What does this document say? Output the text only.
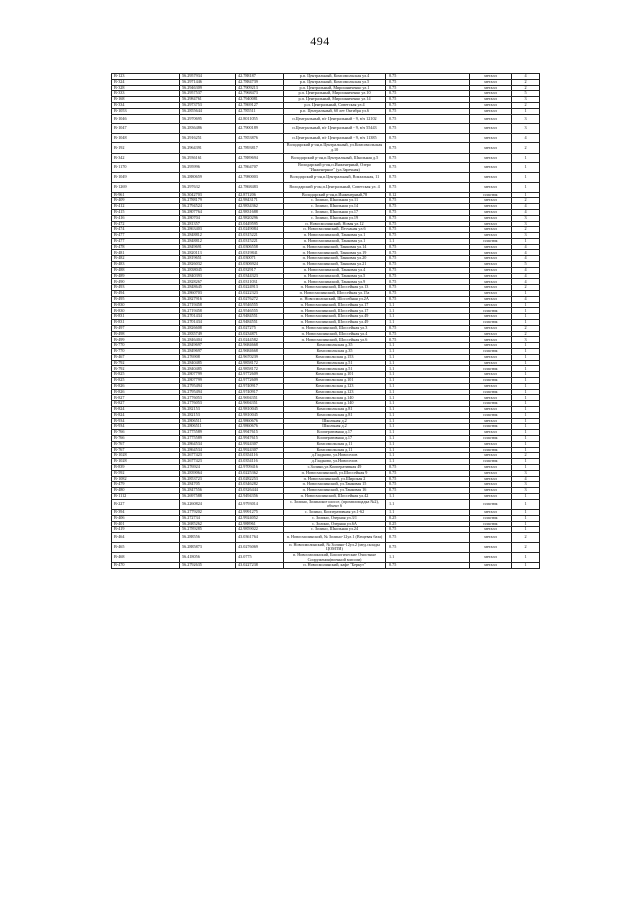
494
В-123	56.2957934	42.788187	р.п. Центральный, Комсомольская ул.4	0.75	металл	4
В-324	56.2971446	42.7884739	р.п. Центральный, Комсомольская ул.5	0.75	металл	2
В-328	56.2946309	42.7909213	р.п. Центральный, Мирошниченко ул.1	0.75	металл	2
В-333	56.2957537	42.7968473	р.п. Центральный, Мирошниченко ул.10	0.75	металл	5
В-168	56.2984761	42.7940081	р.п. Центральный, Мирошниченко ул.14	0.75	металл	3
В-334	56.2973753	42.7869127	р.п. Центральный, Советская ул.4	0.75	металл	2
В-1053	56.2855644	42.785511	р.п. Центральный, 60 лет Октября ул.6	0.75	металл	1
В-1046	56.2970695	42.8011055	п.Центральный, в/г Центральный - 9, в/ч 12102	0.75	металл	3
В-1047	56.2836486	42.7900189	п.Центральный, в/г Центральный - 9, в/ч 55443	0.75	металл	3
В-1048	56.2916251	42.7853876	п.Центральный, в/г Центральный - 9, в/ч 11385	0.75	металл	4
В-192	56.2964391	42.7893817	Володарский р-он,п.Центральный, ул.Комсомольская д.10	0.75	металл	2
В-342	56.2936161	42.7889694	Володарский р-он,п.Центральный, Школьная д.5	0.75	металл	1
В-1170	56.295996	42.7864707	Володарский р-он,п.Инженерный, Озеро "Инженерное" (ул.Заречная)	0.75	металл	1
В-1049	56.2880659	42.7980003	Володарский р-он,п.Центральный, Вокзальная, 11	0.75	металл	1
В-1269	56.297632	42.7868483	Володарский р-он,п.Центральный, Советская ул. 4	0.75	металл	1
В-961	56.3042703	42.871206	Володарский р-он,п.Инженерный,78	0.12	пластик	1
В-409	56.2788179	42.9843171	с. Золино, Школьная ул.11	0.75	металл	2
В-412	56.2794524	42.9834362	с. Золино, Школьная ул.14	0.75	металл	4
В-415	56.2807764	42.9831688	с. Золино, Школьная ул.17	0.75	металл	4
В-416	56.280704	42.9820296	с. Золино, Школьная ул.19	0.75	металл	3
В-472	56.281357	43.0449595	п. Новосмолинский, Новая ул.12	0.75	металл	3
В-474	56.2863403	43.0249084	п. Новосмолинский, Песчаная ул.6	0.75	металл	2
В-477	56.2848812	43.0315221	п. Новосмолинский, Танковая ул.1	0.75	металл	3
В-477	56.2848812	43.0315221	п. Новосмолинский, Танковая ул.1	1.1	пластик	1
В-478	56.2849691	43.0306558	п. Новосмолинский, Танковая ул.14	0.75	металл	4
В-481	56.2820113	43.0319841	п. Новосмолинский, Танковая ул.19	0.75	металл	4
В-482	56.2819651	43.030071	п. Новосмолинский, Танковая ул.20	0.75	металл	4
В-483	56.2826032	43.0306924	п. Новосмолинский, Танковая ул.21	0.75	металл	5
В-488	56.2838045	43.032917	п. Новосмолинский, Танковая ул.4	0.75	металл	4
В-489	56.2840393	43.0344323	п. Новосмолинский, Танковая ул.5	0.75	металл	4
В-490	56.2828267	43.0311031	п. Новосмолинский, Танковая ул.9	0.75	металл	4
В-493	56.2848645	43.0224913	п. Новосмолинский, Шоссейная ул.13	0.75	металл	2
В-494	56.2860703	43.0222323	п. Новосмолинский, Шоссейная ул.15а	0.75	металл	1
В-495	56.2827916	43.0276272	п. Новосмолинский, Шоссейная ул.2А	0.75	металл	4
В-830	56.2719458	42.9546555	п. Новосмолинский, Шоссейная ул.17	1.1	металл	1
В-830	56.2719458	42.9546555	п. Новосмолинский, Шоссейная ул.17	1.1	пластик	1
В-831	56.2701434	42.9484551	п. Новосмолинский, Шоссейная ул.49	1.1	металл	1
В-831	56.2701434	42.9484551	п. Новосмолинский, Шоссейная ул.49	1.1	пластик	1
В-497	56.2826608	43.027275	п. Новосмолинский, Шоссейная ул.3	0.75	металл	2
В-498	56.2835749	43.0234871	п. Новосмолинский, Шоссейная ул.4	0.75	металл	2
В-499	56.2846404	43.0244582	п. Новосмолинский, Шоссейная ул.6	0.75	металл	3
В-770	56.2849697	42.9684668	Комсомольская д.35	1.1	металл	1
В-770	56.2849697	42.9684668	Комсомольская д.35	1.1	пластик	1
В-467	56.276908	42.9670239	Комсомольская д.153	1.1	металл	1
В-792	56.2840485	42.9858172	Комсомольская д.51	1.1	металл	1
В-792	56.2840485	42.9858172	Комсомольская д.51	1.1	пластик	1
В-825	56.2807799	42.9772609	Комсомольская д.101	1.1	металл	1
В-825	56.2807799	42.9772609	Комсомольская д.101	1.1	пластик	1
В-826	56.2795494	42.9740917	Комсомольская д.123	1.1	металл	1
В-826	56.2795494	42.9740917	Комсомольская д.123	1.1	пластик	1
В-827	56.2776053	42.9694351	Комсомольская д.140	1.1	металл	1
В-827	56.2776053	42.9694351	Комсомольская д.140	1.1	пластик	1
В-824	56.282153	42.9810045	Комсомольская д.81	1.1	металл	1
В-824	56.282153	42.9810045	Комсомольская д.81	1.1	пластик	1
В-934	56.2806511	42.9860676	Школьная д.2	1.1	металл	1
В-934	56.2806511	42.9860676	Школьная д.2	1.1	пластик	1
В-766	56.2775589	42.9947615	Кооперативная д.17	1.1	металл	1
В-766	56.2775589	42.9947615	Кооперативная д.17	1.1	пластик	1
В-767	56.2864534	42.9924307	Комсомольская д.11	1.1	металл	1
В-767	56.2864534	42.9924307	Комсомольская д.11	1.1	пластик	1
В-1028	56.2677423	43.0354116	д.Гладково, ул.Новоселов	1.1	металл	2
В-1028	56.2677423	43.0354116	д.Гладково, ул.Новоселов	1.1	пластик	1
В-839	56.276924	42.9709416	с.Золино,ул.Кооперативная 49	0.75	металл	1
В-592	56.2839064	43.0225362	п. Новосмолинский, ул.Шоссейная 9	0.75	металл	3
В-1082	56.2853723	43.0282253	п. Новосмолинский, ул.Широкая 2	0.75	металл	4
В-479	56.284705	43.0346282	п. Новосмолинский, ул.Танковая 15	0.75	металл	3
В-480	56.2847556	43.0326444	п. Новосмолинский, ул.Танковая 16	0.75	металл	3
В-1112	56.2697588	42.9494356	п. Новосмолинский, Шоссейная ул.42	1.1	металл	1
В-227	56.2260824	42.9793014	с. Золино, Золинское шоссе, (промплощадка №2), объект 6	1.1	пластик	1
В-394	56.2779202	42.9991275	с. Золино, Кооперативная ул.1-62	1.1	металл	1
В-406	56.272734	42.9924052	с. Золино, Озерная ул.3/1	0.25	пластик	1
В-401	56.2685262	42.988961	с. Золино, Озерная ул.6А	0.25	пластик	1
В-419	56.2789285	42.9859022	с. Золино, Школьная ул.24	0.75	металл	1
В-464	56.288556	43.0361764	п. Новосмолинский, № Золино-12ул.1 (Вещевая база)	0.75	металл	2
В-465	56.2885873	43.0276069	п. Новосмолинский, № Золино-12ул.2 (мед.склады ЦОМТИ)	0.75	металл	2
В-468	56.418056	43.0775	п. Новосмолинский, Биологические Очистные Сооружения(военной миссии)	1.1	металл	1
В-470	56.2792635	43.0227238	п. Новосмолинский, кафе "Беркут"	0.75	металл	1
